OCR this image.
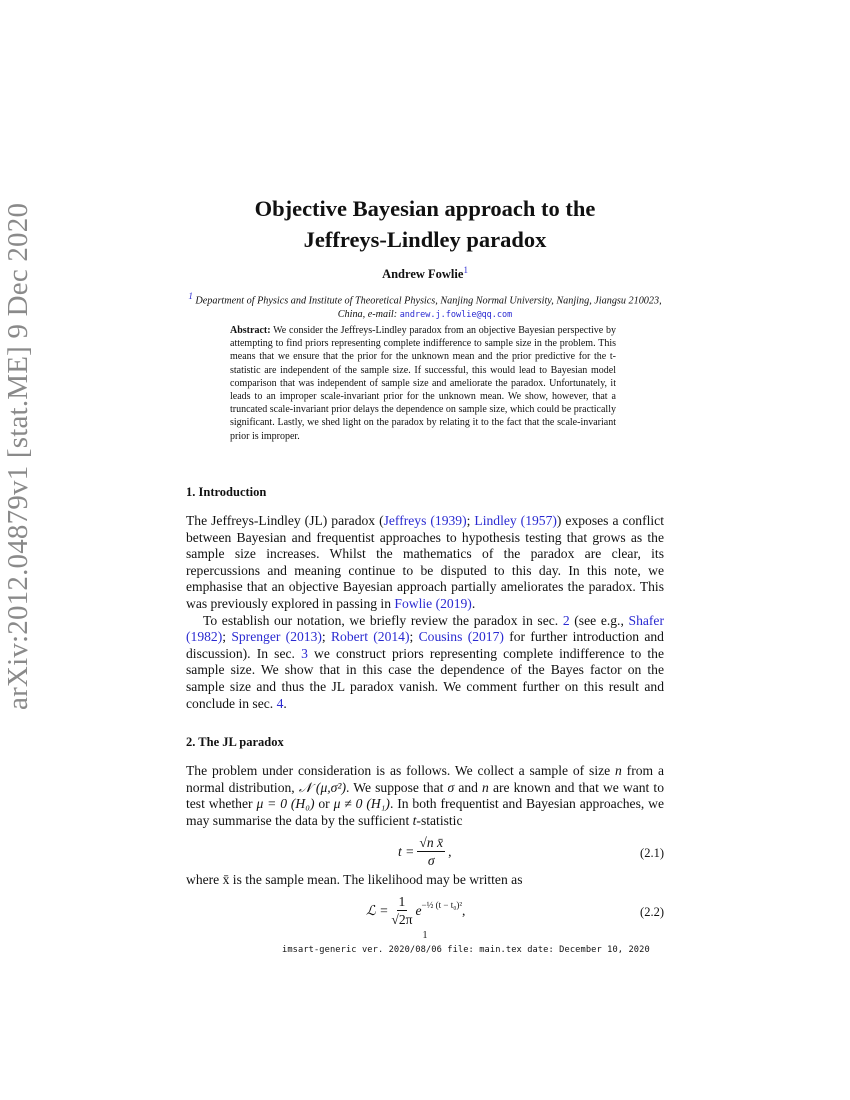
arXiv:2012.04879v1 [stat.ME] 9 Dec 2020	Objective Bayesian approach to the
Jeffreys-Lindley paradox
Andrew Fowlie$^1$
$^1$ Department of Physics and Institute of Theoretical Physics, Nanjing Normal University, Nanjing, Jiangsu 210023, China, e-mail: andrew.j.fowlie@qq.com
Abstract: We consider the Jeffreys-Lindley paradox from an objective Bayesian perspective by attempting to find priors representing complete indifference to sample size in the problem. This means that we ensure that the prior for the unknown mean and the prior predictive for the t-statistic are independent of the sample size. If successful, this would lead to Bayesian model comparison that was independent of sample size and ameliorate the paradox. Unfortunately, it leads to an improper scale-invariant prior for the unknown mean. We show, however, that a truncated scale-invariant prior delays the dependence on sample size, which could be practically significant. Lastly, we shed light on the paradox by relating it to the fact that the scale-invariant prior is improper.
1. Introduction

The Jeffreys-Lindley (JL) paradox (Jeffreys (1939); Lindley (1957)) exposes a conflict between Bayesian and frequentist approaches to hypothesis testing that grows as the sample size increases. Whilst the mathematics of the paradox are clear, its repercussions and meaning continue to be disputed to this day. In this note, we emphasise that an objective Bayesian approach partially ameliorates the paradox. This was previously explored in passing in Fowlie (2019).

To establish our notation, we briefly review the paradox in sec. 2 (see e.g., Shafer (1982); Sprenger (2013); Robert (2014); Cousins (2017) for further introduction and discussion). In sec. 3 we construct priors representing complete indifference to the sample size. We show that in this case the dependence of the Bayes factor on the sample size and thus the JL paradox vanish. We comment further on this result and conclude in sec. 4.

2. The JL paradox

The problem under consideration is as follows. We collect a sample of size n from a normal distribution, 𝒩 (μ,σ²). We suppose that σ and n are known and that we want to test whether μ = 0 (H₀) or μ ≠ 0 (H₁). In both frequentist and Bayesian approaches, we may summarise the data by the sufficient t-statistic

$t = \frac{\text{√n x̄}}{\sigma}$ ,	(2.1)

where x̄ is the sample mean. The likelihood may be written as

ℒ = $\frac{1}{√2\pi} e^{-\frac{1}{2} (t - t_0)^2}$ ,	(2.2)
1
imsart-generic ver. 2020/08/06 file: main.tex date: December 10, 2020
